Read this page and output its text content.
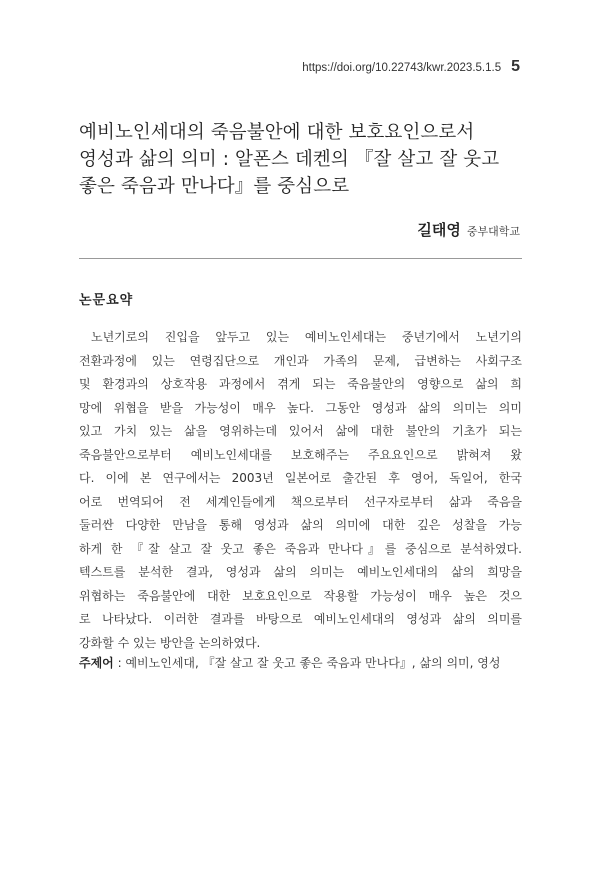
https://doi.org/10.22743/kwr.2023.5.1.5 5
예비노인세대의 죽음불안에 대한 보호요인으로서
영성과 삶의 의미 : 알폰스 데켄의 『잘 살고 잘 웃고
좋은 죽음과 만나다』를 중심으로
길태영 중부대학교
논문요약
노년기로의 진입을 앞두고 있는 예비노인세대는 중년기에서 노년기의
전환과정에 있는 연령집단으로 개인과 가족의 문제, 급변하는 사회구조
및 환경과의 상호작용 과정에서 겪게 되는 죽음불안의 영향으로 삶의 희
망에 위협을 받을 가능성이 매우 높다. 그동안 영성과 삶의 의미는 의미
있고 가치 있는 삶을 영위하는데 있어서 삶에 대한 불안의 기초가 되는
죽음불안으로부터 예비노인세대를 보호해주는 주요요인으로 밝혀져 왔
다. 이에 본 연구에서는 2003년 일본어로 출간된 후 영어, 독일어, 한국
어로 번역되어 전 세계인들에게 책으로부터 선구자로부터 삶과 죽음을
둘러싼 다양한 만남을 통해 영성과 삶의 의미에 대한 깊은 성찰을 가능
하게 한 『잘 살고 잘 웃고 좋은 죽음과 만나다』를 중심으로 분석하였다.
텍스트를 분석한 결과, 영성과 삶의 의미는 예비노인세대의 삶의 희망을
위협하는 죽음불안에 대한 보호요인으로 작용할 가능성이 매우 높은 것으
로 나타났다. 이러한 결과를 바탕으로 예비노인세대의 영성과 삶의 의미를
강화할 수 있는 방안을 논의하였다.
주제어 : 예비노인세대, 『잘 살고 잘 웃고 좋은 죽음과 만나다』, 삶의 의미, 영성
